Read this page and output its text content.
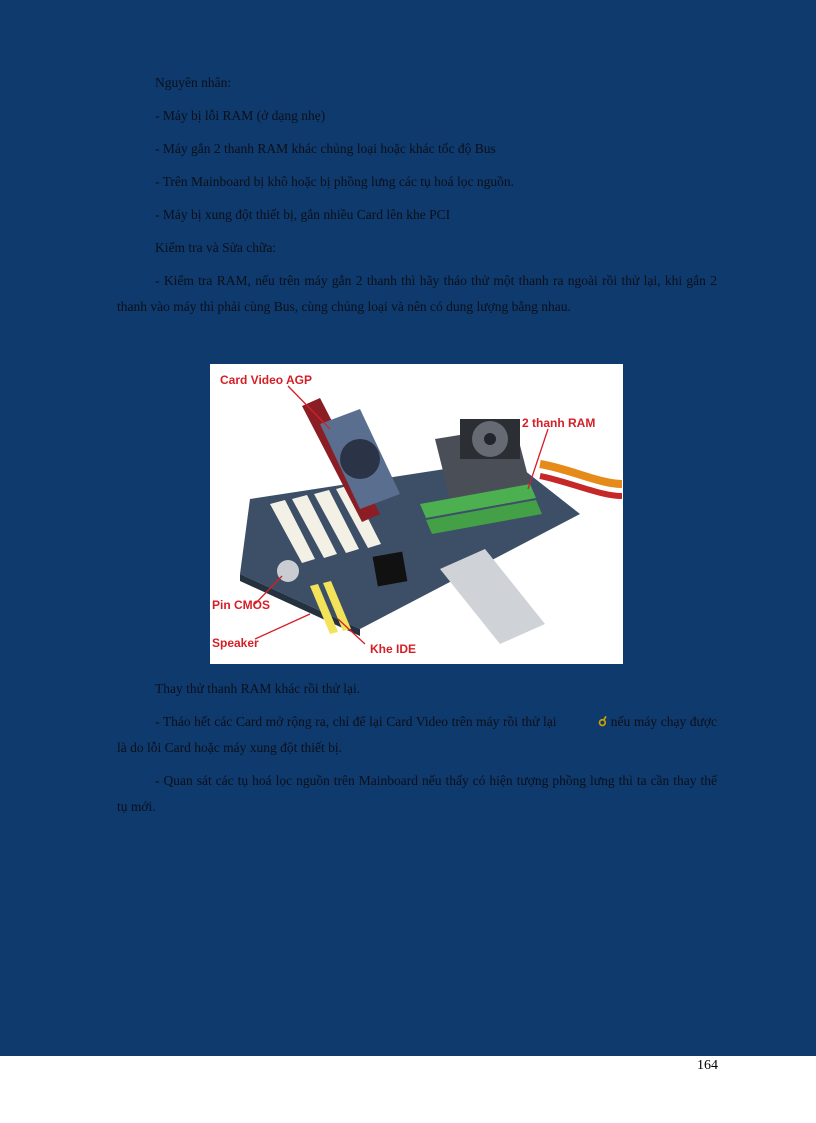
Nguyên nhân:

- Máy bị lỗi RAM (ở dạng nhẹ)

- Máy gắn 2 thanh RAM khác chủng loại hoặc khác tốc độ Bus

- Trên Mainboard bị khô hoặc bị phồng lưng các tụ hoá lọc nguồn.

- Máy bị xung đột thiết bị, gắn nhiều Card lên khe PCI

Kiểm tra và Sửa chữa:

- Kiểm tra RAM, nếu trên máy gắn 2 thanh thì hãy tháo thử một thanh ra ngoài rồi thử lại, khi gắn 2 thanh vào máy thì phải cùng Bus, cùng chủng loại và nên có dung lượng bằng nhau.

Card Video AGP
2 thanh RAM
Pin CMOS
Speaker	Khe IDE

Thay thử thanh RAM khác rồi thử lại.

- Tháo hết các Card mở rộng ra, chỉ để lại Card Video trên máy rồi thử lại	☌ nếu máy chạy được là do lỗi Card hoặc máy xung đột thiết bị.

- Quan sát các tụ hoá lọc nguồn trên Mainboard nếu thấy có hiện tượng phồng lưng thì ta cần thay thế tụ mới.

164
